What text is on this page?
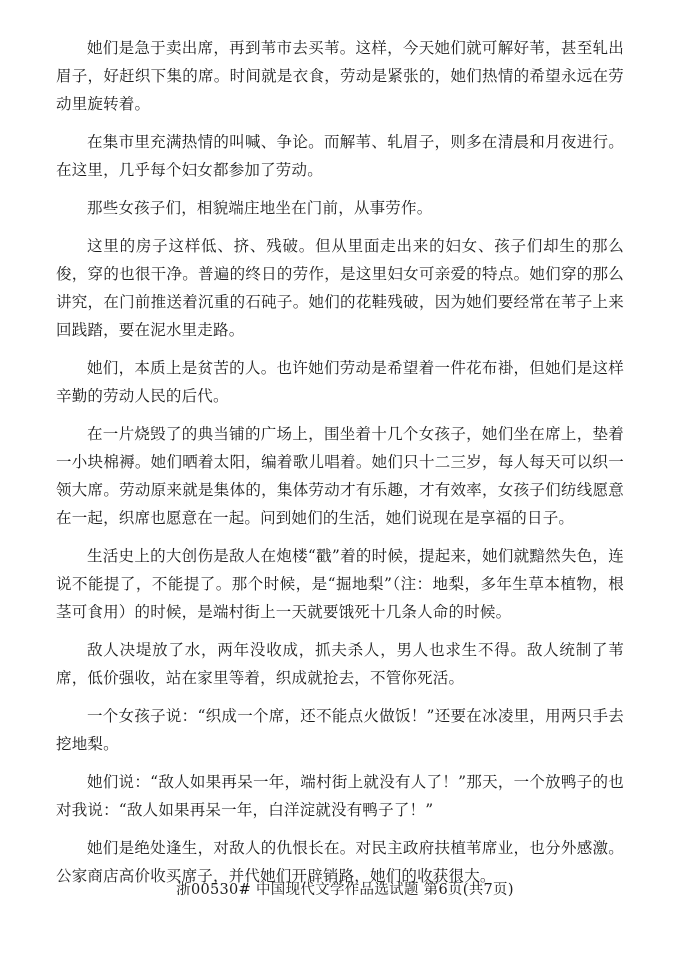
她们是急于卖出席，再到苇市去买苇。这样，今天她们就可解好苇，甚至轧出眉子，好赶织下集的席。时间就是衣食，劳动是紧张的，她们热情的希望永远在劳动里旋转着。

在集市里充满热情的叫喊、争论。而解苇、轧眉子，则多在清晨和月夜进行。在这里，几乎每个妇女都参加了劳动。

那些女孩子们，相貌端庄地坐在门前，从事劳作。

这里的房子这样低、挤、残破。但从里面走出来的妇女、孩子们却生的那么俊，穿的也很干净。普遍的终日的劳作，是这里妇女可亲爱的特点。她们穿的那么讲究，在门前推送着沉重的石砘子。她们的花鞋残破，因为她们要经常在苇子上来回践踏，要在泥水里走路。

她们，本质上是贫苦的人。也许她们劳动是希望着一件花布褂，但她们是这样辛勤的劳动人民的后代。

在一片烧毁了的典当铺的广场上，围坐着十几个女孩子，她们坐在席上，垫着一小块棉褥。她们晒着太阳，编着歌儿唱着。她们只十二三岁，每人每天可以织一领大席。劳动原来就是集体的，集体劳动才有乐趣，才有效率，女孩子们纺线愿意在一起，织席也愿意在一起。问到她们的生活，她们说现在是享福的日子。

生活史上的大创伤是敌人在炮楼“戳”着的时候，提起来，她们就黯然失色，连说不能提了，不能提了。那个时候，是“掘地梨”（注：地梨，多年生草本植物，根茎可食用）的时候，是端村街上一天就要饿死十几条人命的时候。

敌人决堤放了水，两年没收成，抓夫杀人，男人也求生不得。敌人统制了苇席，低价强收，站在家里等着，织成就抢去，不管你死活。

一个女孩子说：“织成一个席，还不能点火做饭！”还要在冰凌里，用两只手去挖地梨。

她们说：“敌人如果再呆一年，端村街上就没有人了！”那天，一个放鸭子的也对我说：“敌人如果再呆一年，白洋淀就没有鸭子了！”

她们是绝处逢生，对敌人的仇恨长在。对民主政府扶植苇席业，也分外感激。公家商店高价收买席子，并代她们开辟销路，她们的收获很大。

浙00530# 中国现代文学作品选试题 第6页(共7页)
